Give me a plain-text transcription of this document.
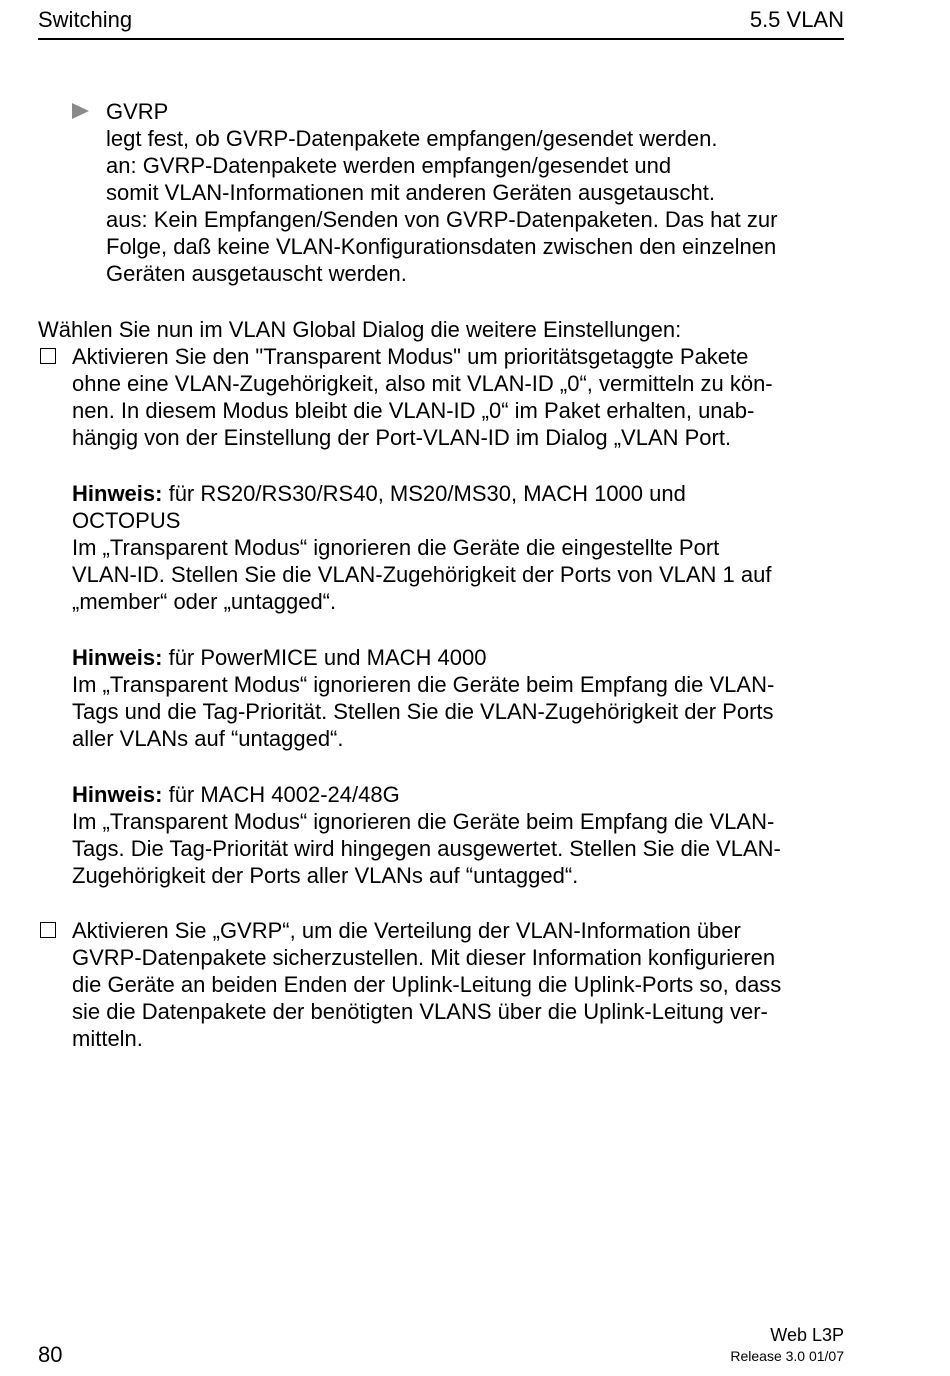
Switching	5.5 VLAN
GVRP
legt fest, ob GVRP-Datenpakete empfangen/gesendet werden.
an: GVRP-Datenpakete werden empfangen/gesendet und
somit VLAN-Informationen mit anderen Geräten ausgetauscht.
aus: Kein Empfangen/Senden von GVRP-Datenpaketen. Das hat zur
Folge, daß keine VLAN-Konfigurationsdaten zwischen den einzelnen
Geräten ausgetauscht werden.
Wählen Sie nun im VLAN Global Dialog die weitere Einstellungen:
Aktivieren Sie den "Transparent Modus" um prioritätsgetaggte Pakete
ohne eine VLAN-Zugehörigkeit, also mit VLAN-ID „0“, vermitteln zu kön-
nen. In diesem Modus bleibt die VLAN-ID „0“ im Paket erhalten, unab-
hängig von der Einstellung der Port-VLAN-ID im Dialog „VLAN Port.
Hinweis: für RS20/RS30/RS40, MS20/MS30, MACH 1000 und
OCTOPUS
Im „Transparent Modus“ ignorieren die Geräte die eingestellte Port
VLAN-ID. Stellen Sie die VLAN-Zugehörigkeit der Ports von VLAN 1 auf
„member“ oder „untagged“.
Hinweis: für PowerMICE und MACH 4000
Im „Transparent Modus“ ignorieren die Geräte beim Empfang die VLAN-
Tags und die Tag-Priorität. Stellen Sie die VLAN-Zugehörigkeit der Ports
aller VLANs auf “untagged“.
Hinweis: für MACH 4002-24/48G
Im „Transparent Modus“ ignorieren die Geräte beim Empfang die VLAN-
Tags. Die Tag-Priorität wird hingegen ausgewertet. Stellen Sie die VLAN-
Zugehörigkeit der Ports aller VLANs auf “untagged“.
Aktivieren Sie „GVRP“, um die Verteilung der VLAN-Information über
GVRP-Datenpakete sicherzustellen. Mit dieser Information konfigurieren
die Geräte an beiden Enden der Uplink-Leitung die Uplink-Ports so, dass
sie die Datenpakete der benötigten VLANS über die Uplink-Leitung ver-
mitteln.
80
Web L3P
Release 3.0 01/07
